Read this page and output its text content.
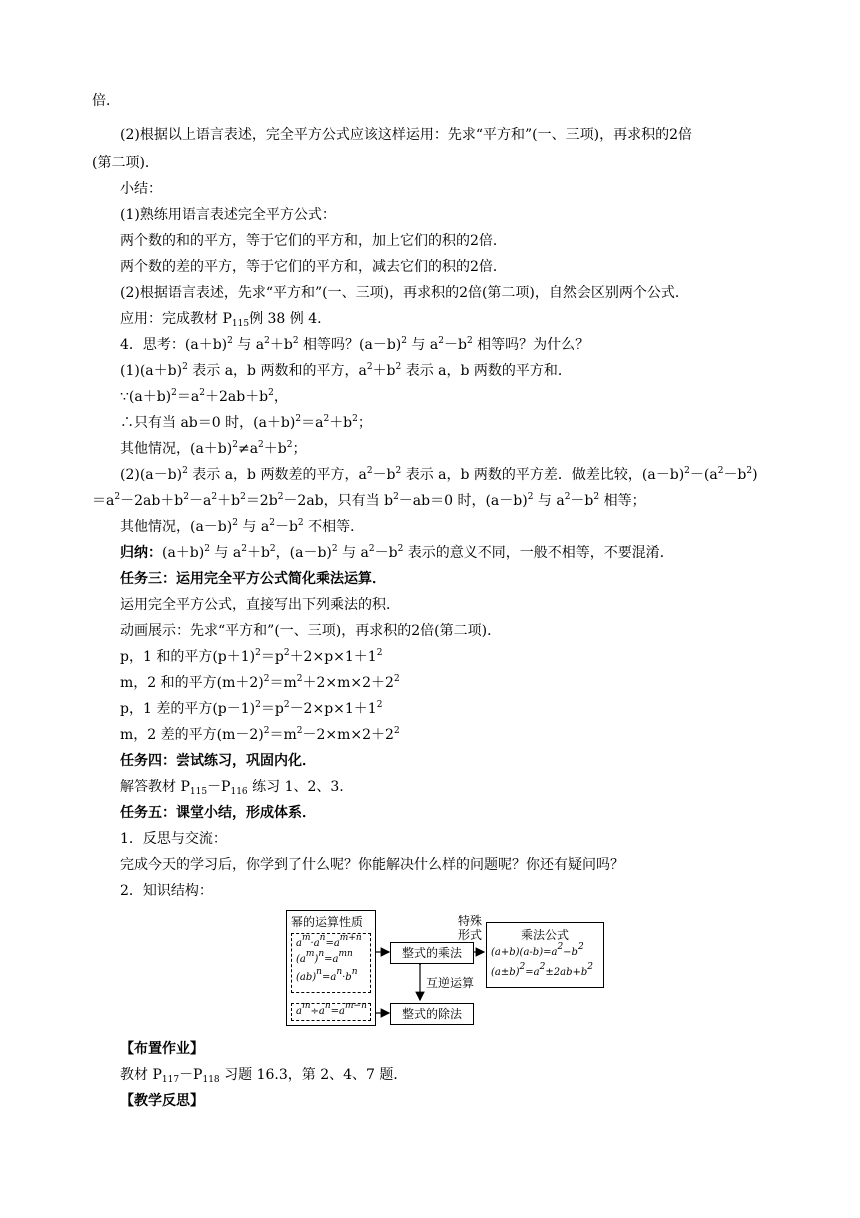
倍．
(2)根据以上语言表述，完全平方公式应该这样运用：先求“平方和”(一、三项)，再求积的2倍
(第二项)．
小结：
(1)熟练用语言表述完全平方公式：
两个数的和的平方，等于它们的平方和，加上它们的积的2倍．
两个数的差的平方，等于它们的平方和，减去它们的积的2倍．
(2)根据语言表述，先求“平方和”(一、三项)，再求积的2倍(第二项)，自然会区别两个公式．
应用：完成教材 $P_{115}$例 38 例 4.
4．思考：$(a+b)^2$ 与 $a^2+b^2$ 相等吗？$(a-b)^2$ 与 $a^2-b^2$ 相等吗？为什么？
$(1)(a+b)^2$ 表示 a，b 两数和的平方，$a^2+b^2$ 表示 a，b 两数的平方和．
$\because(a+b)^2=a^2+2ab+b^2$，
∴只有当 ab＝0 时，$(a+b)^2=a^2+b^2$；
其他情况，$(a+b)^2\ne a^2+b^2$；
$(2)(a-b)^2$ 表示 a，b 两数差的平方，$a^2-b^2$ 表示 a，b 两数的平方差．做差比较，$(a-b)^2-(a^2-b^2)$
$=a^2-2ab+b^2-a^2+b^2=2b^2-2ab$，只有当 $b^2-ab=0$ 时，$(a-b)^2$ 与 $a^2-b^2$ 相等；
其他情况，$(a-b)^2$ 与 $a^2-b^2$ 不相等．
归纳：$(a+b)^2$ 与 $a^2+b^2$，$(a-b)^2$ 与 $a^2-b^2$ 表示的意义不同，一般不相等，不要混淆．
任务三：运用完全平方公式简化乘法运算．
运用完全平方公式，直接写出下列乘法的积．
动画展示：先求“平方和”(一、三项)，再求积的2倍(第二项)．
p，1 和的平方$(p+1)^2=p^2+2\times p\times 1+1^2$
m，2 和的平方$(m+2)^2=m^2+2\times m\times 2+2^2$
p，1 差的平方$(p-1)^2=p^2-2\times p\times 1+1^2$
m，2 差的平方$(m-2)^2=m^2-2\times m\times 2+2^2$
任务四：尝试练习，巩固内化．
解答教材 $P_{115}-P_{116}$ 练习 1、2、3.
任务五：课堂小结，形成体系．
1．反思与交流：
完成今天的学习后，你学到了什么呢？你能解决什么样的问题呢？你还有疑问吗？
2．知识结构：
幂的运算性质
$a^m\cdot a^n=a^{m+n}$
$(a^m)^n=a^{mn}$
$(ab)^n=a^n\cdot b^n$
$a^m\div a^n=a^{m-n}$
整式的乘法
整式的除法
特殊形式
互逆运算
乘法公式
$(a+b)(a-b)=a^2-b^2$
$(a\pm b)^2=a^2\pm 2ab+b^2$
【布置作业】
教材 $P_{117}-P_{118}$ 习题 16.3，第 2、4、7 题．
【教学反思】
